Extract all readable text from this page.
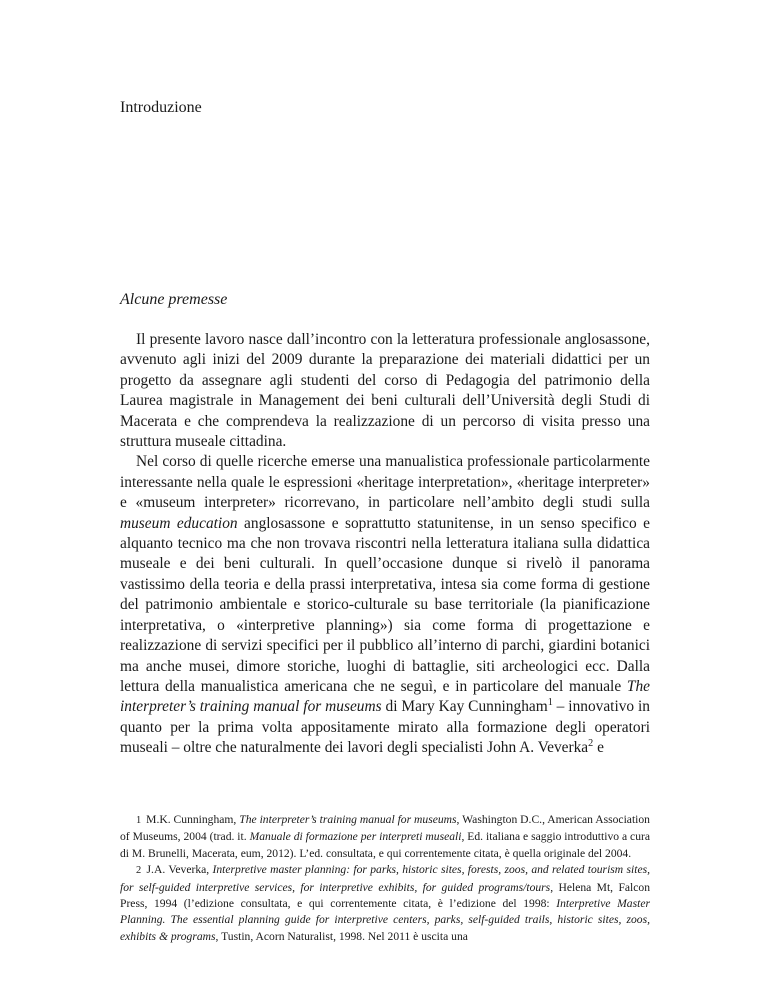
Introduzione
Alcune premesse

Il presente lavoro nasce dall’incontro con la letteratura professionale anglosassone, avvenuto agli inizi del 2009 durante la preparazione dei materiali didattici per un progetto da assegnare agli studenti del corso di Pedagogia del patrimonio della Laurea magistrale in Management dei beni culturali dell’Università degli Studi di Macerata e che comprendeva la realizzazione di un percorso di visita presso una struttura museale cittadina.

Nel corso di quelle ricerche emerse una manualistica professionale particolarmente interessante nella quale le espressioni «heritage interpretation», «heritage interpreter» e «museum interpreter» ricorrevano, in particolare nell’ambito degli studi sulla museum education anglosassone e soprattutto statunitense, in un senso specifico e alquanto tecnico ma che non trovava riscontri nella letteratura italiana sulla didattica museale e dei beni culturali. In quell’occasione dunque si rivelò il panorama vastissimo della teoria e della prassi interpretativa, intesa sia come forma di gestione del patrimonio ambientale e storico-culturale su base territoriale (la pianificazione interpretativa, o «interpretive planning») sia come forma di progettazione e realizzazione di servizi specifici per il pubblico all’interno di parchi, giardini botanici ma anche musei, dimore storiche, luoghi di battaglie, siti archeologici ecc. Dalla lettura della manualistica americana che ne seguì, e in particolare del manuale The interpreter’s training manual for museums di Mary Kay Cunningham$^1$ – innovativo in quanto per la prima volta appositamente mirato alla formazione degli operatori museali – oltre che naturalmente dei lavori degli specialisti John A. Veverka$^2$ e

1 M.K. Cunningham, The interpreter’s training manual for museums, Washington D.C., American Association of Museums, 2004 (trad. it. Manuale di formazione per interpreti museali, Ed. italiana e saggio introduttivo a cura di M. Brunelli, Macerata, eum, 2012). L’ed. consultata, e qui correntemente citata, è quella originale del 2004.

2 J.A. Veverka, Interpretive master planning: for parks, historic sites, forests, zoos, and related tourism sites, for self-guided interpretive services, for interpretive exhibits, for guided programs/tours, Helena Mt, Falcon Press, 1994 (l’edizione consultata, e qui correntemente citata, è l’edizione del 1998: Interpretive Master Planning. The essential planning guide for interpretive centers, parks, self-guided trails, historic sites, zoos, exhibits & programs, Tustin, Acorn Naturalist, 1998. Nel 2011 è uscita una
